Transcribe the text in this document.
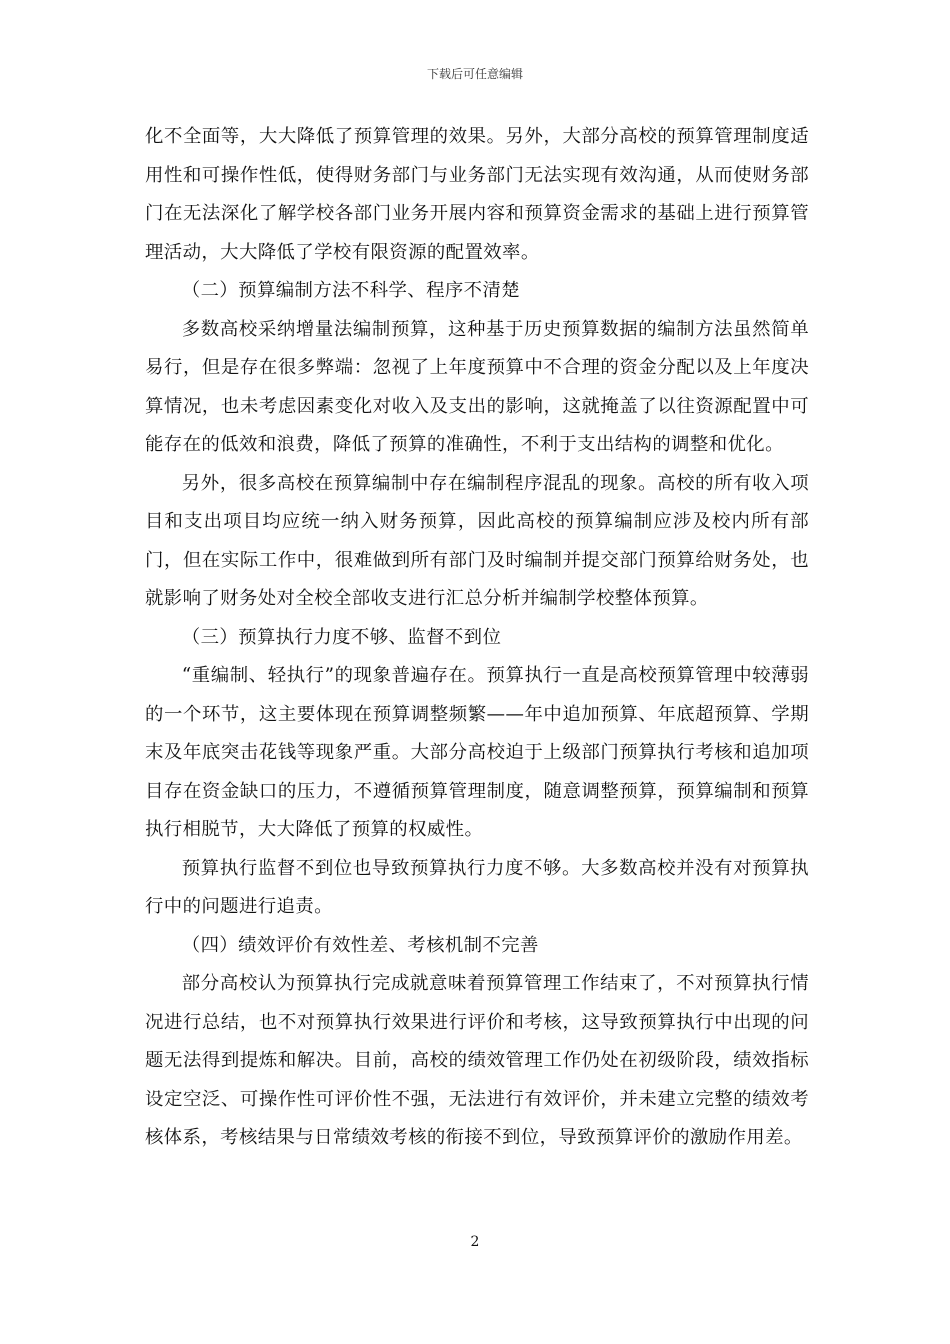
下载后可任意编辑

化不全面等，大大降低了预算管理的效果。另外，大部分高校的预算管理制度适用性和可操作性低，使得财务部门与业务部门无法实现有效沟通，从而使财务部门在无法深化了解学校各部门业务开展内容和预算资金需求的基础上进行预算管理活动，大大降低了学校有限资源的配置效率。

（二）预算编制方法不科学、程序不清楚

多数高校采纳增量法编制预算，这种基于历史预算数据的编制方法虽然简单易行，但是存在很多弊端：忽视了上年度预算中不合理的资金分配以及上年度决算情况，也未考虑因素变化对收入及支出的影响，这就掩盖了以往资源配置中可能存在的低效和浪费，降低了预算的准确性，不利于支出结构的调整和优化。

另外，很多高校在预算编制中存在编制程序混乱的现象。高校的所有收入项目和支出项目均应统一纳入财务预算，因此高校的预算编制应涉及校内所有部门，但在实际工作中，很难做到所有部门及时编制并提交部门预算给财务处，也就影响了财务处对全校全部收支进行汇总分析并编制学校整体预算。

（三）预算执行力度不够、监督不到位

“重编制、轻执行”的现象普遍存在。预算执行一直是高校预算管理中较薄弱的一个环节，这主要体现在预算调整频繁——年中追加预算、年底超预算、学期末及年底突击花钱等现象严重。大部分高校迫于上级部门预算执行考核和追加项目存在资金缺口的压力，不遵循预算管理制度，随意调整预算，预算编制和预算执行相脱节，大大降低了预算的权威性。

预算执行监督不到位也导致预算执行力度不够。大多数高校并没有对预算执行中的问题进行追责。

（四）绩效评价有效性差、考核机制不完善

部分高校认为预算执行完成就意味着预算管理工作结束了，不对预算执行情况进行总结，也不对预算执行效果进行评价和考核，这导致预算执行中出现的问题无法得到提炼和解决。目前，高校的绩效管理工作仍处在初级阶段，绩效指标设定空泛、可操作性可评价性不强，无法进行有效评价，并未建立完整的绩效考核体系，考核结果与日常绩效考核的衔接不到位，导致预算评价的激励作用差。

2
